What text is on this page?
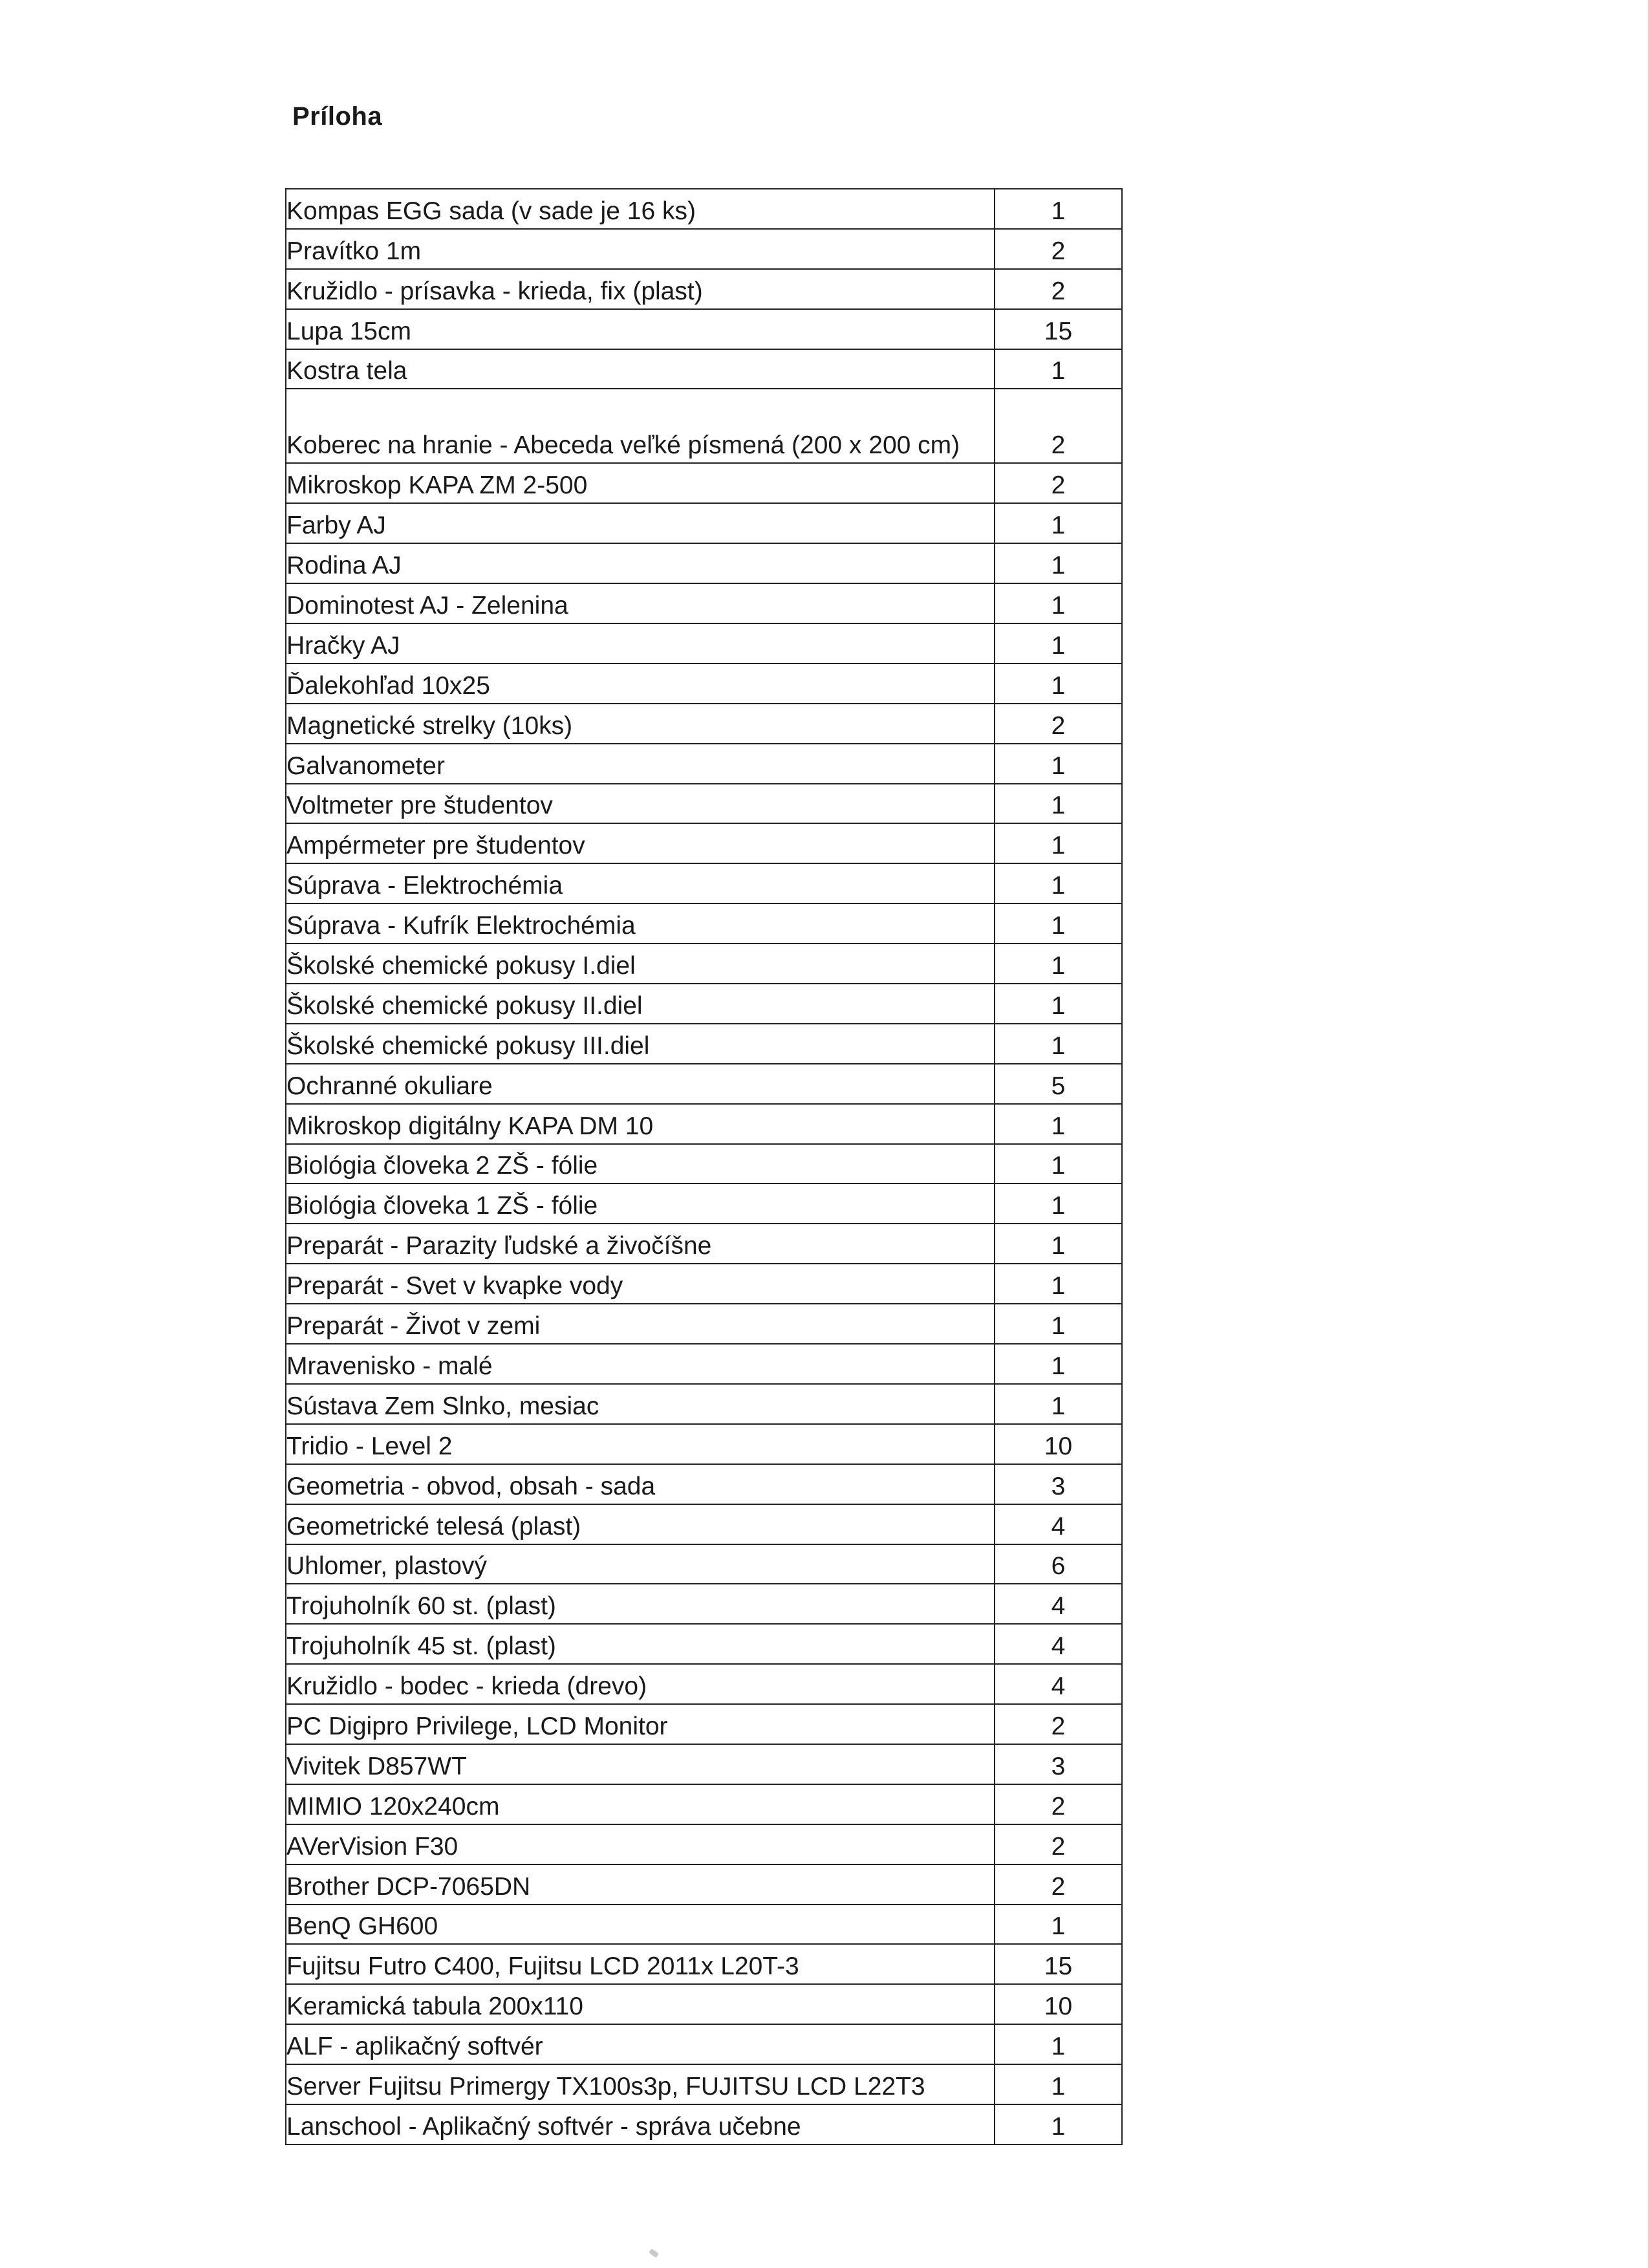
Príloha
Kompas EGG sada (v sade je 16 ks)	1
Pravítko 1m	2
Kružidlo - prísavka - krieda, fix (plast)	2
Lupa 15cm	15
Kostra tela	1
Koberec na hranie - Abeceda veľké písmená (200 x 200 cm)	2
Mikroskop KAPA ZM 2-500	2
Farby AJ	1
Rodina AJ	1
Dominotest AJ - Zelenina	1
Hračky AJ	1
Ďalekohľad 10x25	1
Magnetické strelky (10ks)	2
Galvanometer	1
Voltmeter pre študentov	1
Ampérmeter pre študentov	1
Súprava - Elektrochémia	1
Súprava - Kufrík Elektrochémia	1
Školské chemické pokusy I.diel	1
Školské chemické pokusy II.diel	1
Školské chemické pokusy III.diel	1
Ochranné okuliare	5
Mikroskop digitálny KAPA DM 10	1
Biológia človeka 2 ZŠ - fólie	1
Biológia človeka 1 ZŠ - fólie	1
Preparát - Parazity ľudské a živočíšne	1
Preparát - Svet v kvapke vody	1
Preparát - Život v zemi	1
Mravenisko - malé	1
Sústava Zem Slnko, mesiac	1
Tridio - Level 2	10
Geometria - obvod, obsah - sada	3
Geometrické telesá (plast)	4
Uhlomer, plastový	6
Trojuholník 60 st. (plast)	4
Trojuholník 45 st. (plast)	4
Kružidlo - bodec - krieda (drevo)	4
PC Digipro Privilege, LCD Monitor	2
Vivitek D857WT	3
MIMIO 120x240cm	2
AVerVision F30	2
Brother DCP-7065DN	2
BenQ GH600	1
Fujitsu Futro C400, Fujitsu LCD 2011x L20T-3	15
Keramická tabula 200x110	10
ALF - aplikačný softvér	1
Server Fujitsu Primergy TX100s3p, FUJITSU LCD L22T3	1
Lanschool - Aplikačný softvér - správa učebne	1
